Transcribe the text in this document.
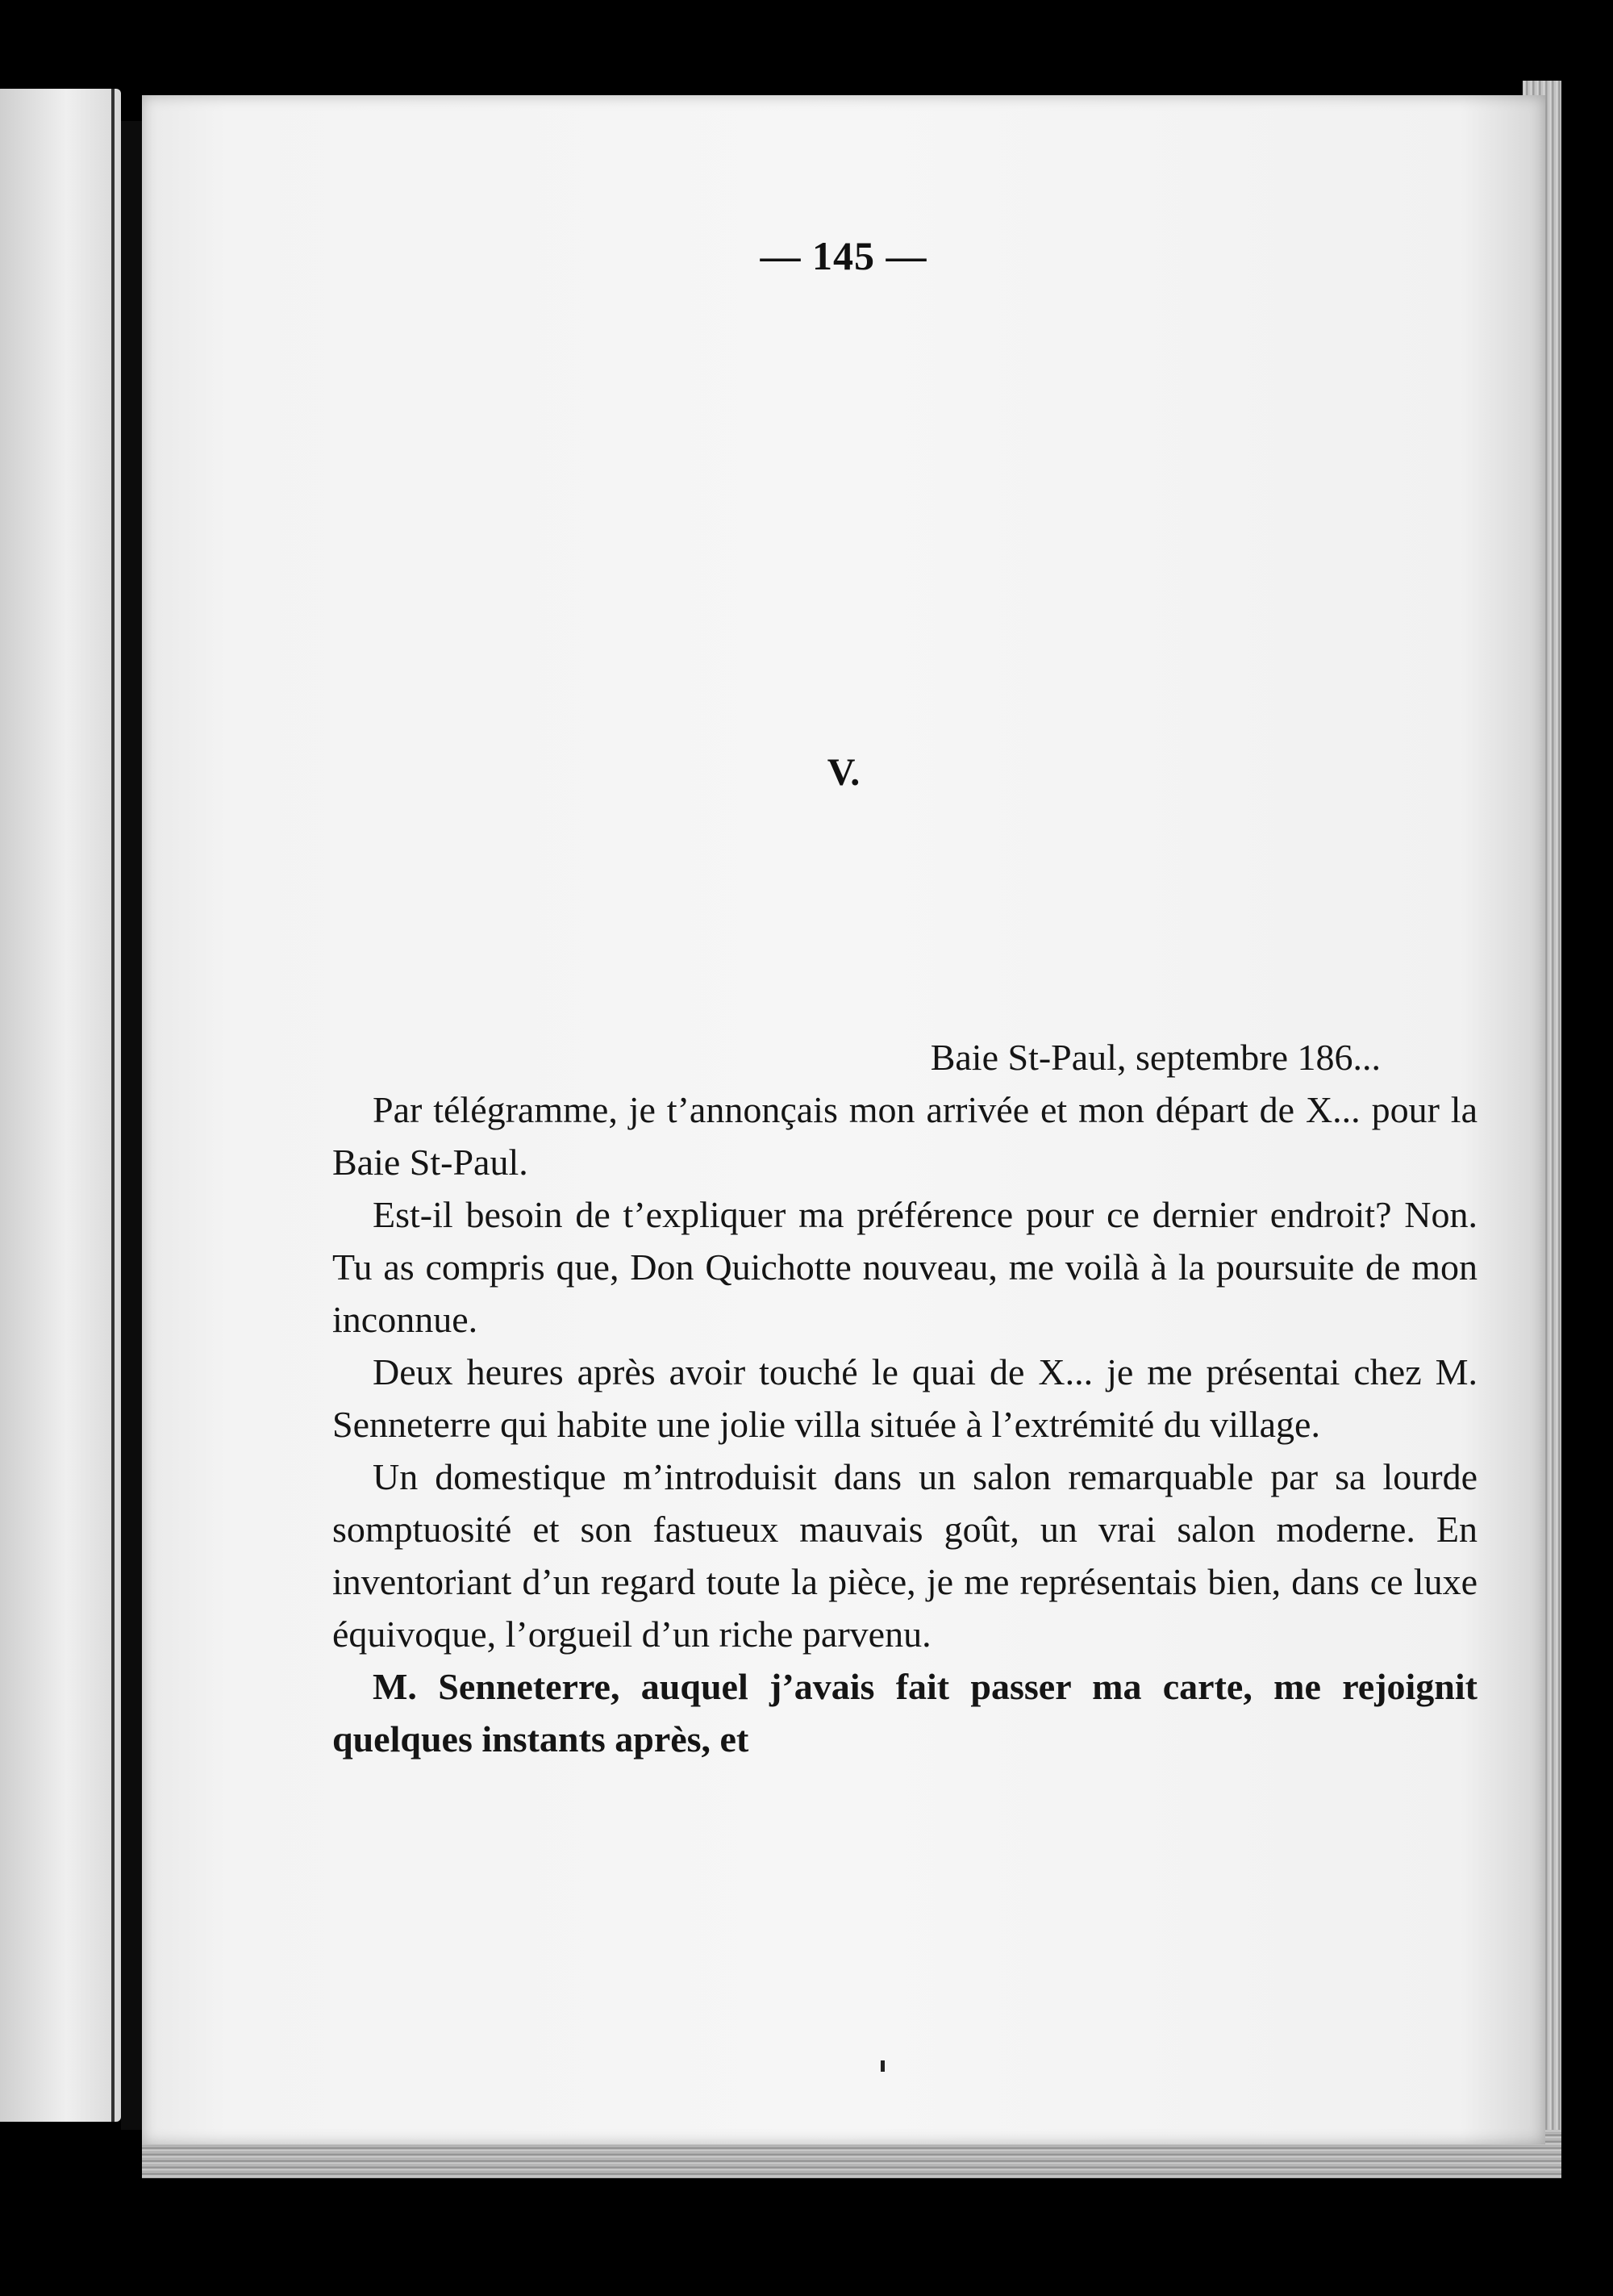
— 145 —
V.

Baie St-Paul, septembre 186...

Par télégramme, je t’annonçais mon arrivée et mon départ de X... pour la Baie St-Paul.

Est-il besoin de t’expliquer ma préférence pour ce dernier endroit? Non. Tu as compris que, Don Quichotte nouveau, me voilà à la poursuite de mon inconnue.

Deux heures après avoir touché le quai de X... je me présentai chez M. Senneterre qui habite une jolie villa située à l’extrémité du village.

Un domestique m’introduisit dans un salon remarquable par sa lourde somptuosité et son fastueux mauvais goût, un vrai salon moderne. En inventoriant d’un regard toute la pièce, je me représentais bien, dans ce luxe équivoque, l’orgueil d’un riche parvenu.

M. Senneterre, auquel j’avais fait passer ma carte, me rejoignit quelques instants après, et
